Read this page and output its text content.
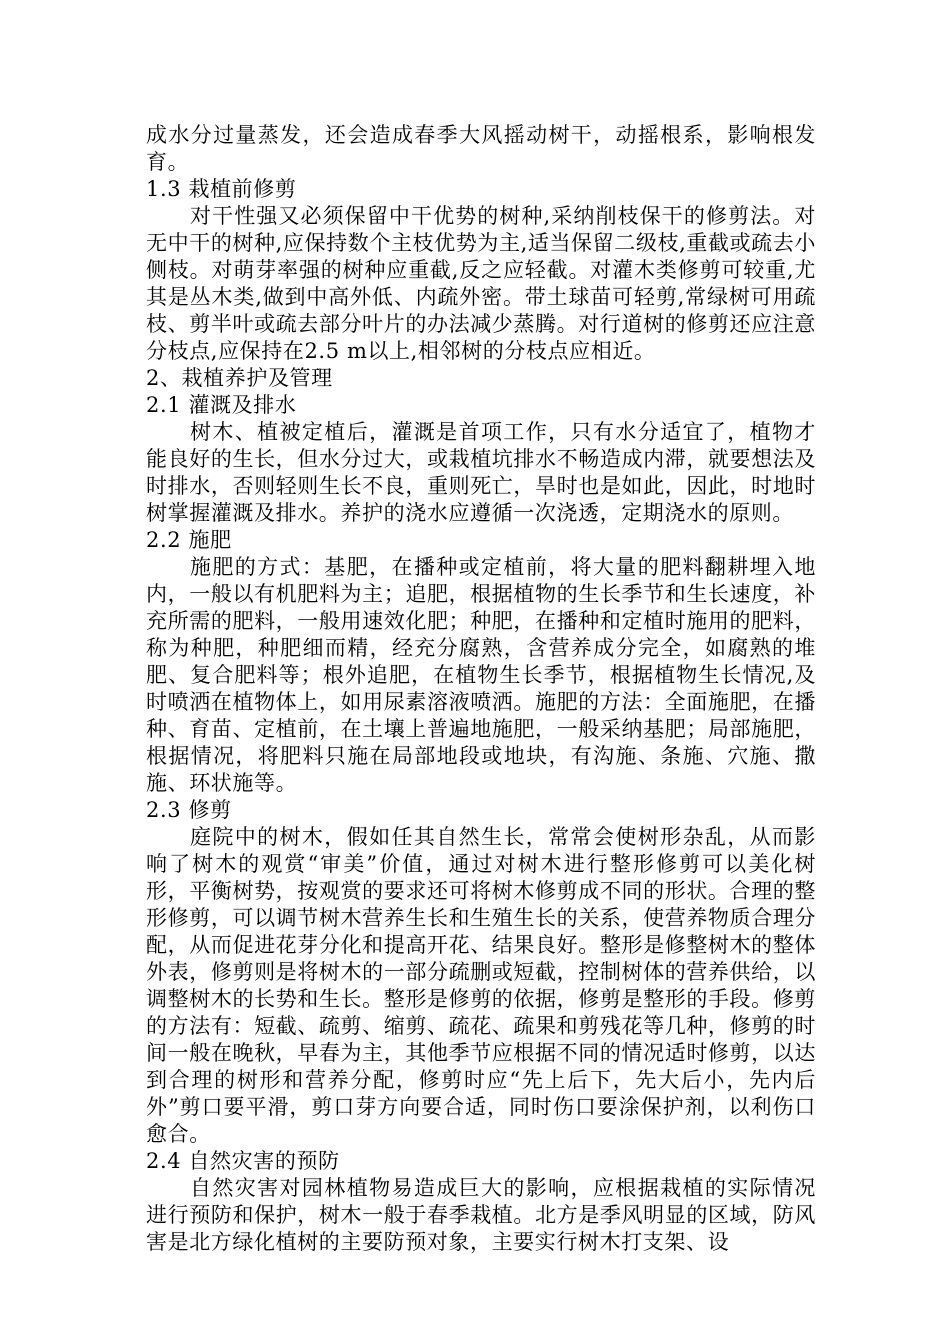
成水分过量蒸发，还会造成春季大风摇动树干，动摇根系，影响根发育。

1.3 栽植前修剪

对干性强又必须保留中干优势的树种,采纳削枝保干的修剪法。对无中干的树种,应保持数个主枝优势为主,适当保留二级枝,重截或疏去小侧枝。对萌芽率强的树种应重截,反之应轻截。对灌木类修剪可较重,尤其是丛木类,做到中高外低、内疏外密。带土球苗可轻剪,常绿树可用疏枝、剪半叶或疏去部分叶片的办法减少蒸腾。对行道树的修剪还应注意分枝点,应保持在2.5 m以上,相邻树的分枝点应相近。

2、栽植养护及管理

2.1 灌溉及排水

树木、植被定植后，灌溉是首项工作，只有水分适宜了，植物才能良好的生长，但水分过大，或栽植坑排水不畅造成内滞，就要想法及时排水，否则轻则生长不良，重则死亡，旱时也是如此，因此，时地时树掌握灌溉及排水。养护的浇水应遵循一次浇透，定期浇水的原则。

2.2 施肥

施肥的方式：基肥，在播种或定植前，将大量的肥料翻耕埋入地内，一般以有机肥料为主；追肥，根据植物的生长季节和生长速度，补充所需的肥料，一般用速效化肥；种肥，在播种和定植时施用的肥料，称为种肥，种肥细而精，经充分腐熟，含营养成分完全，如腐熟的堆肥、复合肥料等；根外追肥，在植物生长季节，根据植物生长情况,及时喷洒在植物体上，如用尿素溶液喷洒。施肥的方法：全面施肥，在播种、育苗、定植前，在土壤上普遍地施肥，一般采纳基肥；局部施肥，根据情况，将肥料只施在局部地段或地块，有沟施、条施、穴施、撒施、环状施等。

2.3 修剪

庭院中的树木，假如任其自然生长，常常会使树形杂乱，从而影响了树木的观赏“审美”价值，通过对树木进行整形修剪可以美化树形，平衡树势，按观赏的要求还可将树木修剪成不同的形状。合理的整形修剪，可以调节树木营养生长和生殖生长的关系，使营养物质合理分配，从而促进花芽分化和提高开花、结果良好。整形是修整树木的整体外表，修剪则是将树木的一部分疏删或短截，控制树体的营养供给，以调整树木的长势和生长。整形是修剪的依据，修剪是整形的手段。修剪的方法有：短截、疏剪、缩剪、疏花、疏果和剪残花等几种，修剪的时间一般在晚秋，早春为主，其他季节应根据不同的情况适时修剪，以达到合理的树形和营养分配，修剪时应“先上后下，先大后小，先内后外”剪口要平滑，剪口芽方向要合适，同时伤口要涂保护剂，以利伤口愈合。

2.4 自然灾害的预防

自然灾害对园林植物易造成巨大的影响，应根据栽植的实际情况进行预防和保护，树木一般于春季栽植。北方是季风明显的区域，防风害是北方绿化植树的主要防预对象，主要实行树木打支架、设
